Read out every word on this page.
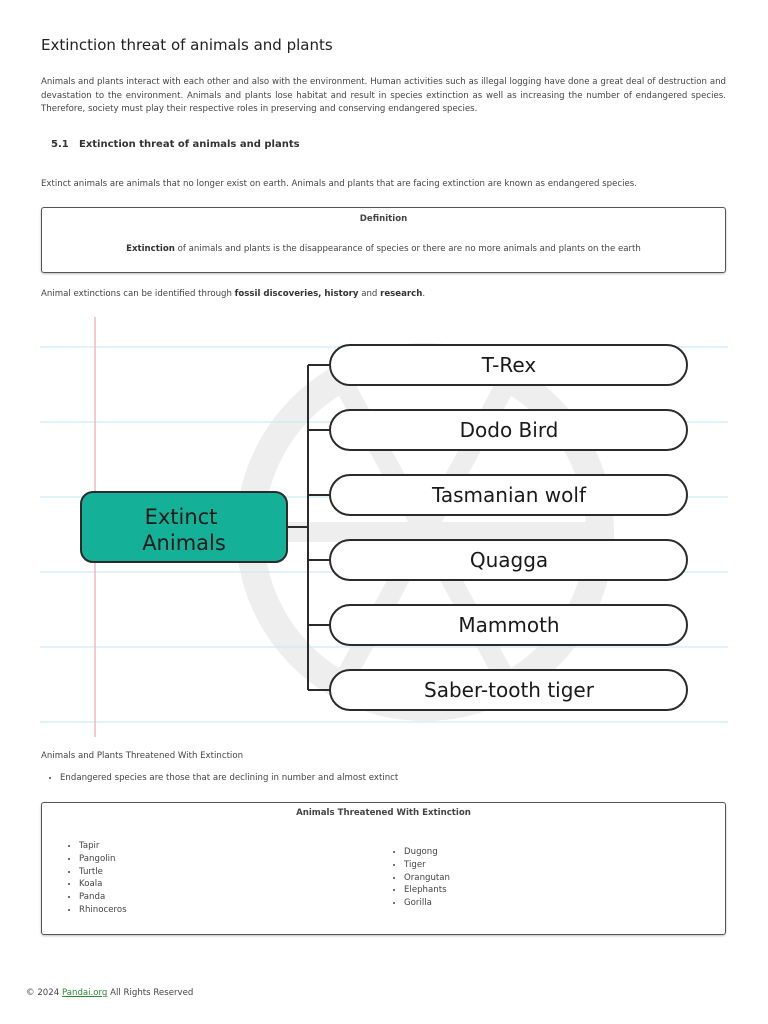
Extinction threat of animals and plants

Animals and plants interact with each other and also with the environment. Human activities such as illegal logging have done a great deal of destruction and devastation to the environment. Animals and plants lose habitat and result in species extinction as well as increasing the number of endangered species. Therefore, society must play their respective roles in preserving and conserving endangered species.

5.1 Extinction threat of animals and plants

Extinct animals are animals that no longer exist on earth. Animals and plants that are facing extinction are known as endangered species.

Definition
Extinction of animals and plants is the disappearance of species or there are no more animals and plants on the earth

Animal extinctions can be identified through fossil discoveries, history and research.

Extinct
Animals
T-Rex
Dodo Bird
Tasmanian wolf
Quagga
Mammoth
Saber-tooth tiger

Animals and Plants Threatened With Extinction

• Endangered species are those that are declining in number and almost extinct
Animals Threatened With Extinction
• Tapir
• Pangolin
• Turtle
• Koala
• Panda
• Rhinoceros
• Dugong
• Tiger
• Orangutan
• Elephants
• Gorilla
© 2024 Pandai.org All Rights Reserved
